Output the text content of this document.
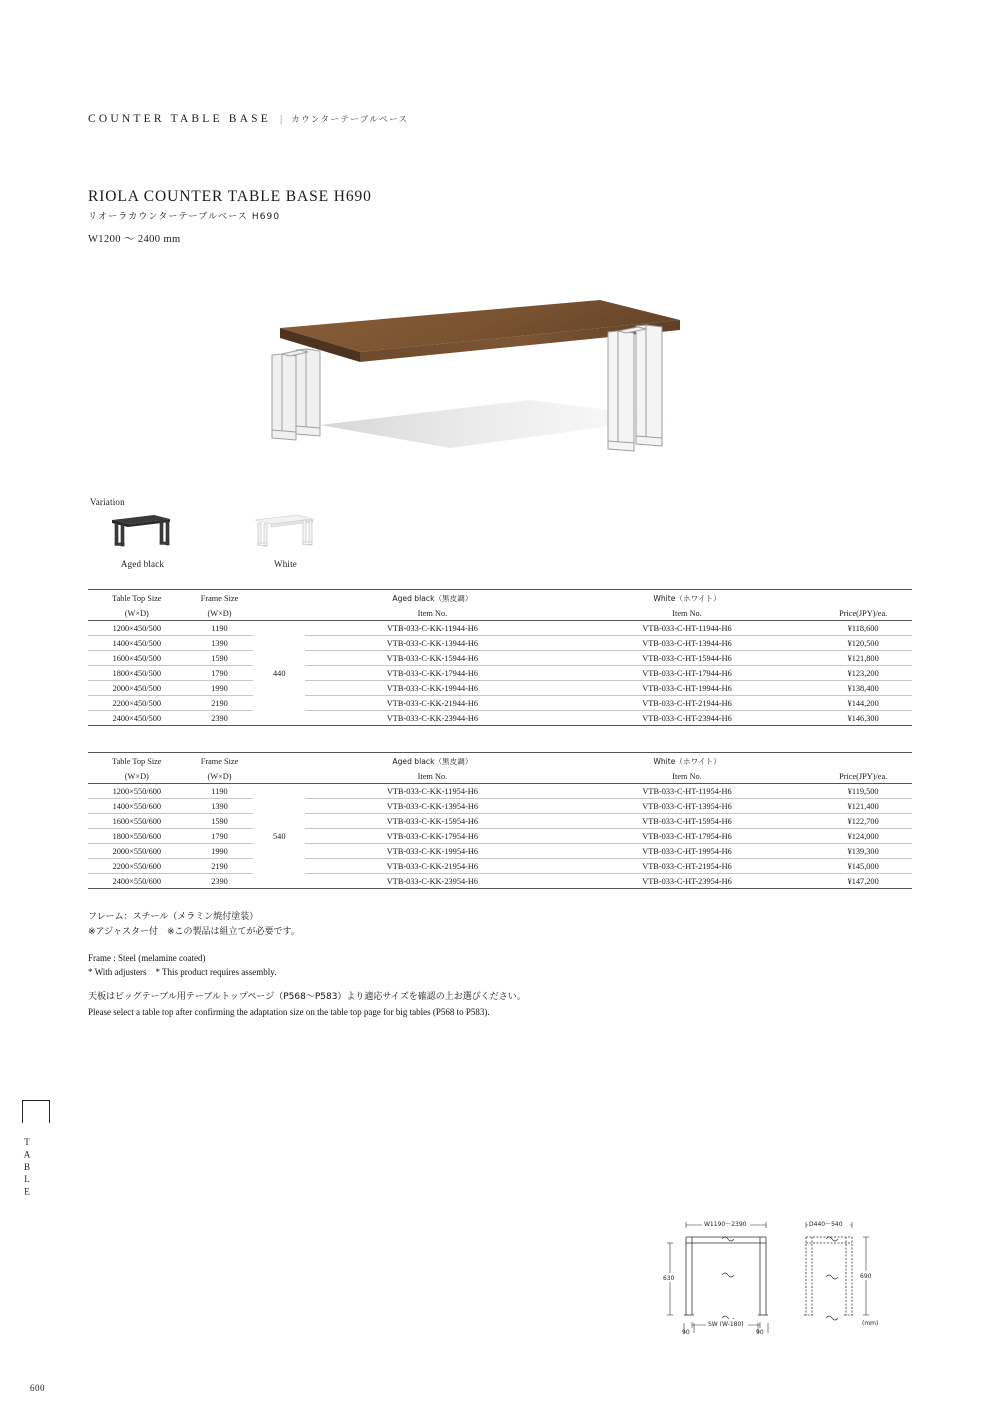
COUNTER TABLE BASE | カウンターテーブルベース
RIOLA COUNTER TABLE BASE H690
リオーラカウンターテーブルベース H690
W1200 〜 2400 mm
Variation
Aged black	White
Table Top Size	Frame Size		Aged black（黒皮調）	White（ホワイト）	
(W×D)	(W×D)		Item No.	Item No.	Price(JPY)/ea.
1200×450/500	1190	440	VTB-033-C-KK-11944-H6	VTB-033-C-HT-11944-H6	¥118,600
1400×450/500	1390		VTB-033-C-KK-13944-H6	VTB-033-C-HT-13944-H6	¥120,500
1600×450/500	1590		VTB-033-C-KK-15944-H6	VTB-033-C-HT-15944-H6	¥121,800
1800×450/500	1790		VTB-033-C-KK-17944-H6	VTB-033-C-HT-17944-H6	¥123,200
2000×450/500	1990		VTB-033-C-KK-19944-H6	VTB-033-C-HT-19944-H6	¥138,400
2200×450/500	2190		VTB-033-C-KK-21944-H6	VTB-033-C-HT-21944-H6	¥144,200
2400×450/500	2390		VTB-033-C-KK-23944-H6	VTB-033-C-HT-23944-H6	¥146,300
Table Top Size	Frame Size		Aged black（黒皮調）	White（ホワイト）	
(W×D)	(W×D)		Item No.	Item No.	Price(JPY)/ea.
1200×550/600	1190	540	VTB-033-C-KK-11954-H6	VTB-033-C-HT-11954-H6	¥119,500
1400×550/600	1390		VTB-033-C-KK-13954-H6	VTB-033-C-HT-13954-H6	¥121,400
1600×550/600	1590		VTB-033-C-KK-15954-H6	VTB-033-C-HT-15954-H6	¥122,700
1800×550/600	1790		VTB-033-C-KK-17954-H6	VTB-033-C-HT-17954-H6	¥124,000
2000×550/600	1990		VTB-033-C-KK-19954-H6	VTB-033-C-HT-19954-H6	¥139,300
2200×550/600	2190		VTB-033-C-KK-21954-H6	VTB-033-C-HT-21954-H6	¥145,000
2400×550/600	2390		VTB-033-C-KK-23954-H6	VTB-033-C-HT-23954-H6	¥147,200
フレーム：スチール（メラミン焼付塗装）
※アジャスター付　※この製品は組立てが必要です。
Frame : Steel (melamine coated)
* With adjusters　* This product requires assembly.
天板はビッグテーブル用テーブルトップページ（P568〜P583）より適応サイズを確認の上お選びください。
Please select a table top after confirming the adaptation size on the table top page for big tables (P568 to P583).
TABLE
W1190〜2390
630
SW (W-180)
90	90
D440〜540
690
(mm)
600
